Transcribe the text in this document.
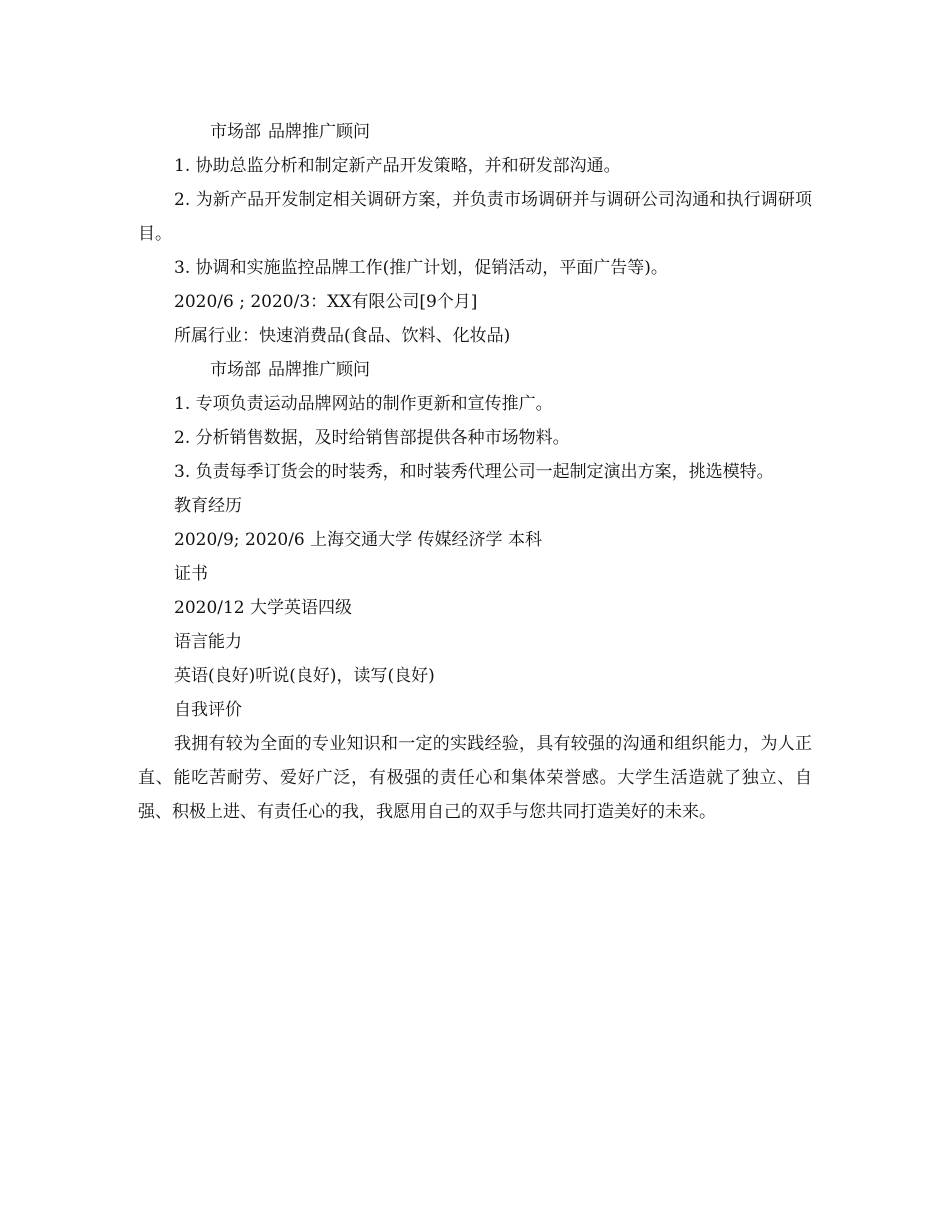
市场部 品牌推广顾问

1. 协助总监分析和制定新产品开发策略，并和研发部沟通。

2. 为新产品开发制定相关调研方案，并负责市场调研并与调研公司沟通和执行调研项目。

3. 协调和实施监控品牌工作(推广计划，促销活动，平面广告等)。

2020/6 ; 2020/3：XX有限公司[9个月]

所属行业：快速消费品(食品、饮料、化妆品)

市场部 品牌推广顾问

1. 专项负责运动品牌网站的制作更新和宣传推广。

2. 分析销售数据，及时给销售部提供各种市场物料。

3. 负责每季订货会的时装秀，和时装秀代理公司一起制定演出方案，挑选模特。

教育经历

2020/9; 2020/6 上海交通大学 传媒经济学 本科

证书

2020/12 大学英语四级

语言能力

英语(良好)听说(良好)，读写(良好)

自我评价

我拥有较为全面的专业知识和一定的实践经验，具有较强的沟通和组织能力，为人正直、能吃苦耐劳、爱好广泛，有极强的责任心和集体荣誉感。大学生活造就了独立、自强、积极上进、有责任心的我，我愿用自己的双手与您共同打造美好的未来。
